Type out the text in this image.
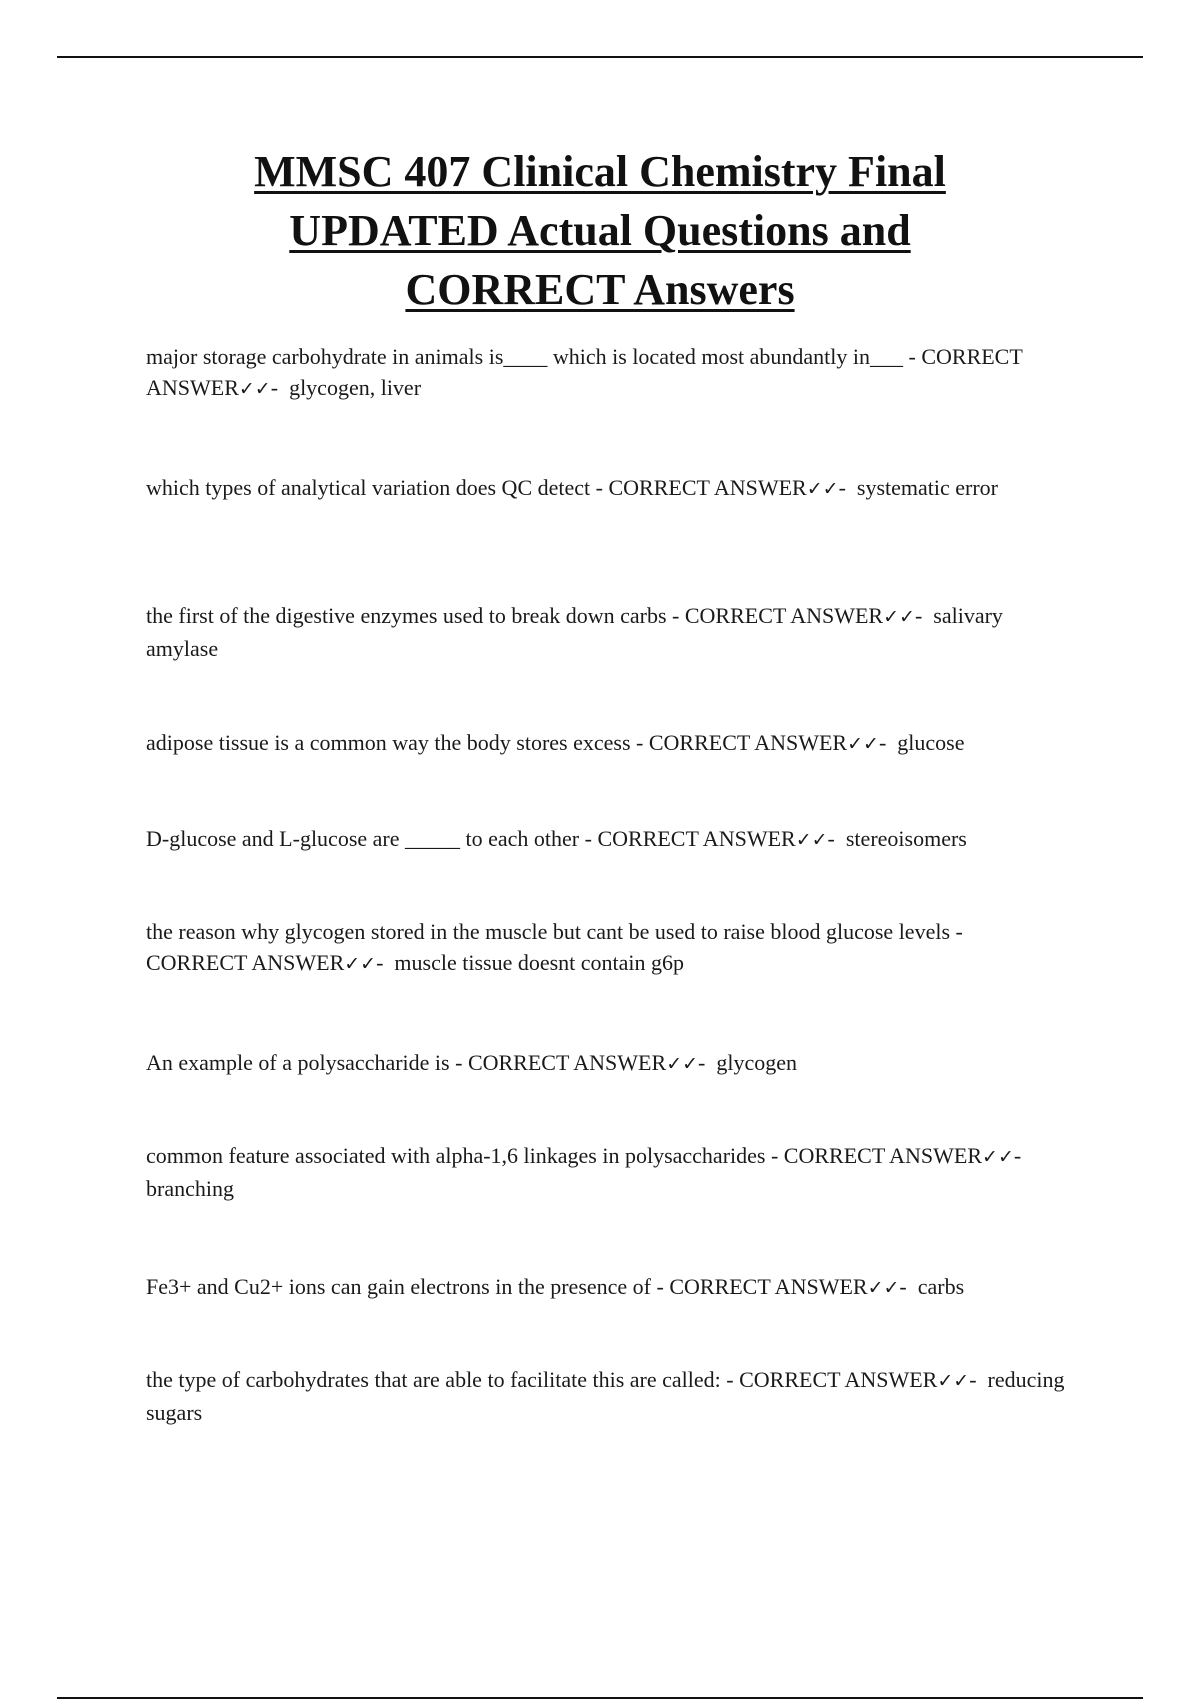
MMSC 407 Clinical Chemistry Final
UPDATED Actual Questions and
CORRECT Answers
major storage carbohydrate in animals is____ which is located most abundantly in___ - CORRECT ANSWER✓✓-  glycogen, liver
which types of analytical variation does QC detect - CORRECT ANSWER✓✓-  systematic error
the first of the digestive enzymes used to break down carbs - CORRECT ANSWER✓✓-  salivary amylase
adipose tissue is a common way the body stores excess - CORRECT ANSWER✓✓-  glucose
D-glucose and L-glucose are _____ to each other - CORRECT ANSWER✓✓-  stereoisomers
the reason why glycogen stored in the muscle but cant be used to raise blood glucose levels - CORRECT ANSWER✓✓-  muscle tissue doesnt contain g6p
An example of a polysaccharide is - CORRECT ANSWER✓✓-  glycogen
common feature associated with alpha-1,6 linkages in polysaccharides - CORRECT ANSWER✓✓-  branching
Fe3+ and Cu2+ ions can gain electrons in the presence of - CORRECT ANSWER✓✓-  carbs
the type of carbohydrates that are able to facilitate this are called: - CORRECT ANSWER✓✓-  reducing sugars
